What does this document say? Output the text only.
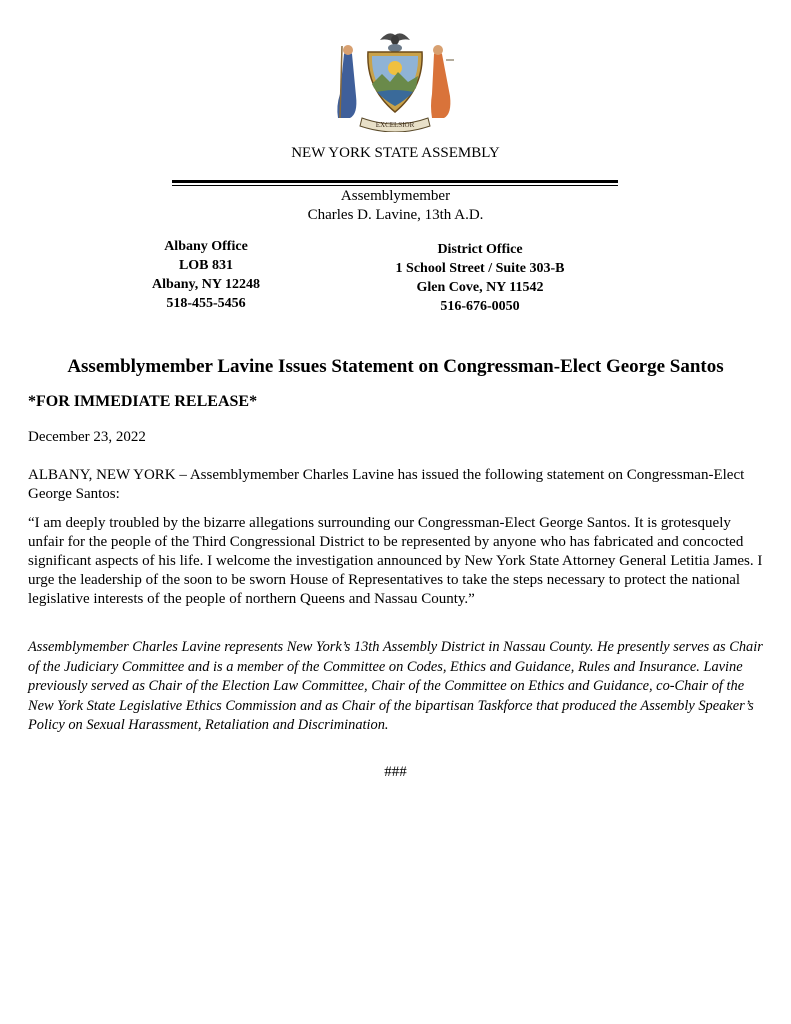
EXCELSIOR
NEW YORK STATE ASSEMBLY
Assemblymember
Charles D. Lavine, 13th A.D.
Albany Office
LOB 831
Albany, NY 12248
518-455-5456
District Office
1 School Street / Suite 303-B
Glen Cove, NY 11542
516-676-0050
Assemblymember Lavine Issues Statement on Congressman-Elect George Santos
*FOR IMMEDIATE RELEASE*
December 23, 2022
ALBANY, NEW YORK – Assemblymember Charles Lavine has issued the following statement on Congressman-Elect George Santos:
“I am deeply troubled by the bizarre allegations surrounding our Congressman-Elect George Santos. It is grotesquely unfair for the people of the Third Congressional District to be represented by anyone who has fabricated and concocted significant aspects of his life. I welcome the investigation announced by New York State Attorney General Letitia James. I urge the leadership of the soon to be sworn House of Representatives to take the steps necessary to protect the national legislative interests of the people of northern Queens and Nassau County.”
Assemblymember Charles Lavine represents New York’s 13th Assembly District in Nassau County. He presently serves as Chair of the Judiciary Committee and is a member of the Committee on Codes, Ethics and Guidance, Rules and Insurance. Lavine previously served as Chair of the Election Law Committee, Chair of the Committee on Ethics and Guidance, co-Chair of the New York State Legislative Ethics Commission and as Chair of the bipartisan Taskforce that produced the Assembly Speaker’s Policy on Sexual Harassment, Retaliation and Discrimination.
###
